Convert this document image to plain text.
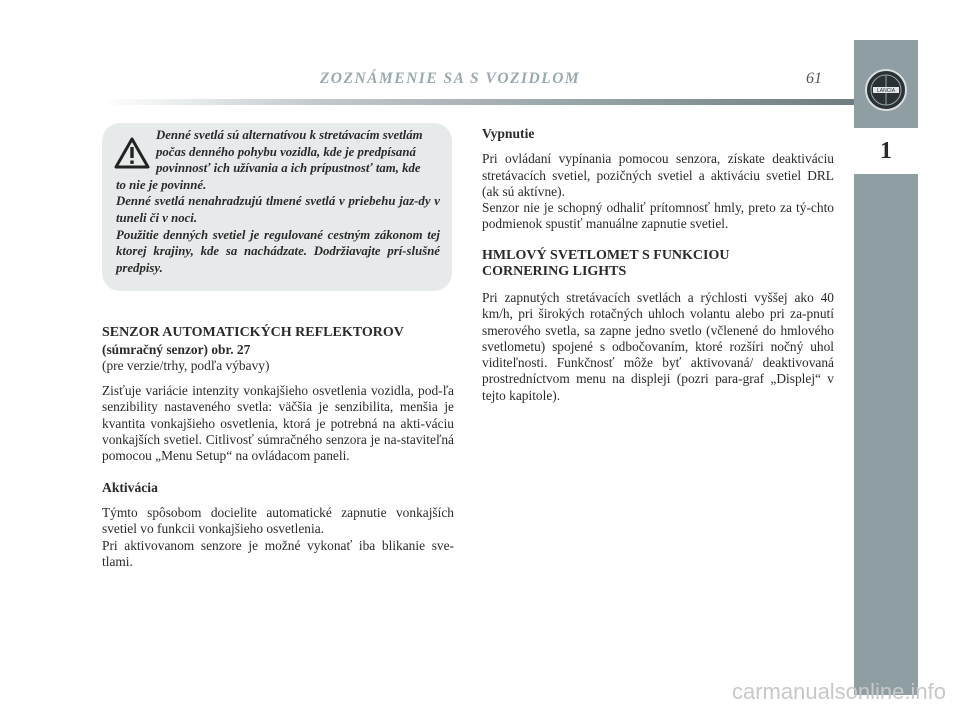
ZOZNÁMENIE SA S VOZIDLOM	61
LANCIA
1
Denné svetlá sú alternatívou k stretávacím svetlám
počas denného pohybu vozidla, kde je predpísaná
povinnosť ich užívania a ich prípustnosť tam, kde
to nie je povinné.
Denné svetlá nenahradzujú tlmené svetlá v priebehu jaz-dy v tuneli či v noci.
Použitie denných svetiel je regulované cestným zákonom tej ktorej krajiny, kde sa nachádzate. Dodržiavajte prí-slušné predpisy.
SENZOR AUTOMATICKÝCH REFLEKTOROV
(súmračný senzor) obr. 27
(pre verzie/trhy, podľa výbavy)

Zisťuje variácie intenzity vonkajšieho osvetlenia vozidla, pod-ľa senzibility nastaveného svetla: väčšia je senzibilita, menšia je kvantita vonkajšieho osvetlenia, ktorá je potrebná na akti-váciu vonkajších svetiel. Citlivosť súmračného senzora je na-staviteľná pomocou „Menu Setup“ na ovládacom paneli.

Aktivácia

Týmto spôsobom docielite automatické zapnutie vonkajších svetiel vo funkcii vonkajšieho osvetlenia.

Pri aktivovanom senzore je možné vykonať iba blikanie sve-tlami.

Vypnutie

Pri ovládaní vypínania pomocou senzora, získate deaktiváciu stretávacích svetiel, pozičných svetiel a aktiváciu svetiel DRL (ak sú aktívne).

Senzor nie je schopný odhaliť prítomnosť hmly, preto za tý-chto podmienok spustiť manuálne zapnutie svetiel.

HMLOVÝ SVETLOMET S FUNKCIOU
CORNERING LIGHTS

Pri zapnutých stretávacích svetlách a rýchlosti vyššej ako 40 km/h, pri širokých rotačných uhloch volantu alebo pri za-pnutí smerového svetla, sa zapne jedno svetlo (včlenené do hmlového svetlometu) spojené s odbočovaním, ktoré rozšíri nočný uhol viditeľnosti. Funkčnosť môže byť aktivovaná/ deaktivovaná prostredníctvom menu na displeji (pozri para-graf „Displej“ v tejto kapitole).

carmanualsonline.info
